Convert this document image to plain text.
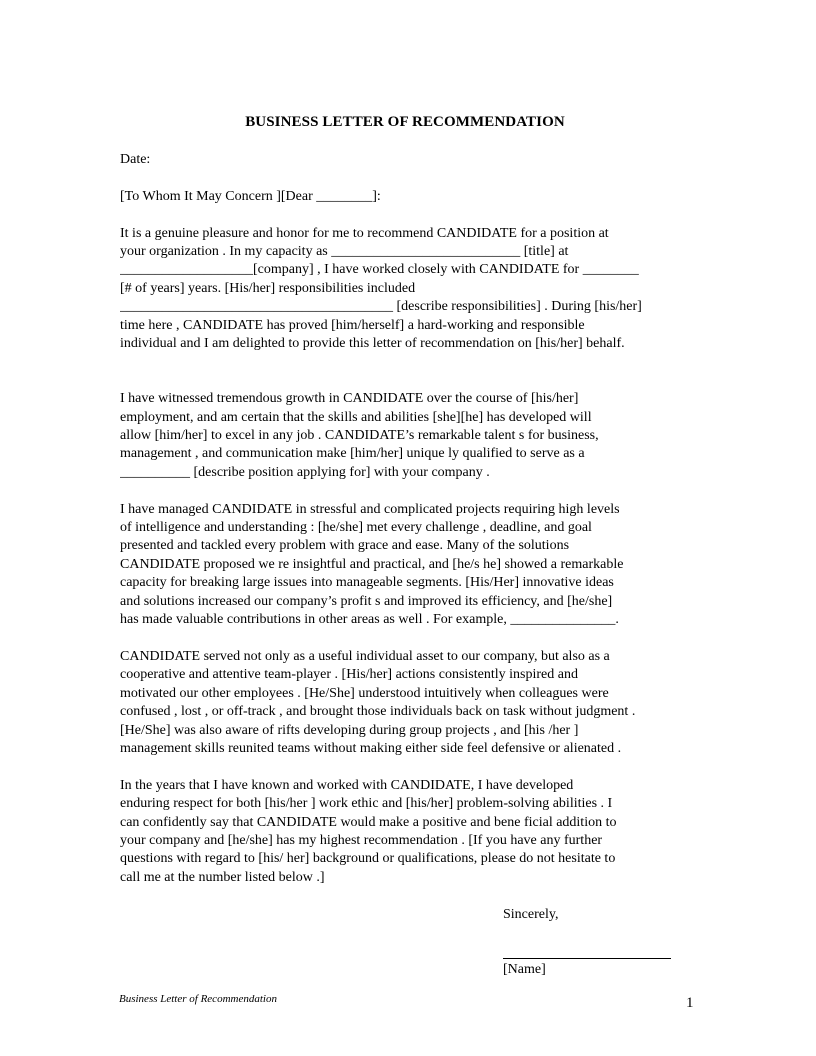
BUSINESS LETTER OF RECOMMENDATION
Date:
[To Whom It May Concern ][Dear ________]:
It is a genuine pleasure and honor for me to recommend CANDIDATE for a position at
your organization . In my capacity as ___________________________ [title] at
___________________[company] , I have worked closely with CANDIDATE for ________
[# of years] years. [His/her] responsibilities included
_______________________________________ [describe responsibilities] . During [his/her]
time here , CANDIDATE has proved [him/herself] a hard-working and responsible
individual and I am delighted to provide this letter of recommendation on [his/her] behalf.
I have witnessed tremendous growth in CANDIDATE over the course of [his/her]
employment, and am certain that the skills and abilities [she][he] has developed will
allow [him/her] to excel in any job . CANDIDATE’s remarkable talent s for business,
management , and communication make [him/her] unique ly qualified to serve as a
__________ [describe position applying for] with your company .
I have managed CANDIDATE in stressful and complicated projects requiring high levels
of intelligence and understanding : [he/she] met every challenge , deadline, and goal
presented and tackled every problem with grace and ease. Many of the solutions
CANDIDATE proposed we re insightful and practical, and [he/s he] showed a remarkable
capacity for breaking large issues into manageable segments. [His/Her] innovative ideas
and solutions increased our company’s profit s and improved its efficiency, and [he/she]
has made valuable contributions in other areas as well . For example, _______________.
CANDIDATE served not only as a useful individual asset to our company, but also as a
cooperative and attentive team-player . [His/her] actions consistently inspired and
motivated our other employees . [He/She] understood intuitively when colleagues were
confused , lost , or off-track , and brought those individuals back on task without judgment .
[He/She] was also aware of rifts developing during group projects , and [his /her ]
management skills reunited teams without making either side feel defensive or alienated .
In the years that I have known and worked with CANDIDATE, I have developed
enduring respect for both [his/her ] work ethic and [his/her] problem-solving abilities . I
can confidently say that CANDIDATE would make a positive and bene ficial addition to
your company and [he/she] has my highest recommendation . [If you have any further
questions with regard to [his/ her] background or qualifications, please do not hesitate to
call me at the number listed below .]
Sincerely,
[Name]
Business Letter of Recommendation	1
